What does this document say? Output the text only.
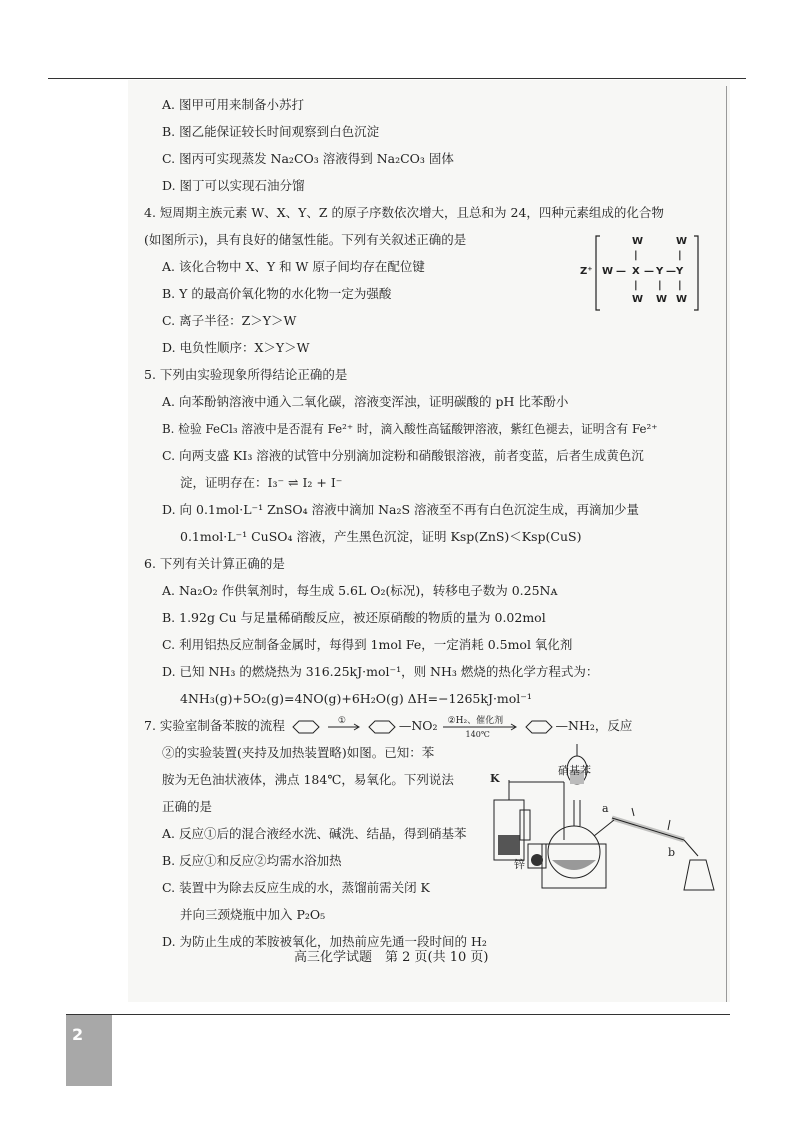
A. 图甲可用来制备小苏打
B. 图乙能保证较长时间观察到白色沉淀
C. 图丙可实现蒸发 Na₂CO₃ 溶液得到 Na₂CO₃ 固体
D. 图丁可以实现石油分馏
4. 短周期主族元素 W、X、Y、Z 的原子序数依次增大，且总和为 24，四种元素组成的化合物
(如图所示)，具有良好的储氢性能。下列有关叙述正确的是
A. 该化合物中 X、Y 和 W 原子间均存在配位键
B. Y 的最高价氧化物的水化物一定为强酸
C. 离子半径：Z＞Y＞W
D. 电负性顺序：X＞Y＞W
5. 下列由实验现象所得结论正确的是
A. 向苯酚钠溶液中通入二氧化碳，溶液变浑浊，证明碳酸的 pH 比苯酚小
B. 检验 FeCl₃ 溶液中是否混有 Fe²⁺ 时，滴入酸性高锰酸钾溶液，紫红色褪去，证明含有 Fe²⁺
C. 向两支盛 KI₃ 溶液的试管中分别滴加淀粉和硝酸银溶液，前者变蓝，后者生成黄色沉
淀，证明存在：I₃⁻ ⇌ I₂ + I⁻
D. 向 0.1mol·L⁻¹ ZnSO₄ 溶液中滴加 Na₂S 溶液至不再有白色沉淀生成，再滴加少量
0.1mol·L⁻¹ CuSO₄ 溶液，产生黑色沉淀，证明 Ksp(ZnS)＜Ksp(CuS)
6. 下列有关计算正确的是
A. Na₂O₂ 作供氧剂时，每生成 5.6L O₂(标况)，转移电子数为 0.25Nᴀ
B. 1.92g Cu 与足量稀硝酸反应，被还原硝酸的物质的量为 0.02mol
C. 利用铝热反应制备金属时，每得到 1mol Fe，一定消耗 0.5mol 氧化剂
D. 已知 NH₃ 的燃烧热为 316.25kJ·mol⁻¹，则 NH₃ 燃烧的热化学方程式为：
4NH₃(g)+5O₂(g)=4NO(g)+6H₂O(g) ΔH=−1265kJ·mol⁻¹
7. 实验室制备苯胺的流程	①	—NO₂ ②H₂、催化剂
140℃
—NH₂，反应
②的实验装置(夹持及加热装置略)如图。已知：苯
胺为无色油状液体，沸点 184℃，易氧化。下列说法
正确的是
A. 反应①后的混合液经水洗、碱洗、结晶，得到硝基苯
B. 反应①和反应②均需水浴加热
C. 装置中为除去反应生成的水，蒸馏前需关闭 K
并向三颈烧瓶中加入 P₂O₅
D. 为防止生成的苯胺被氧化，加热前应先通一段时间的 H₂
Z⁺
W	W
|	|
W — X — Y — Y
| | |
W W W
硝基苯
K
a
b
锌
高三化学试题　第 2 页(共 10 页)
2
